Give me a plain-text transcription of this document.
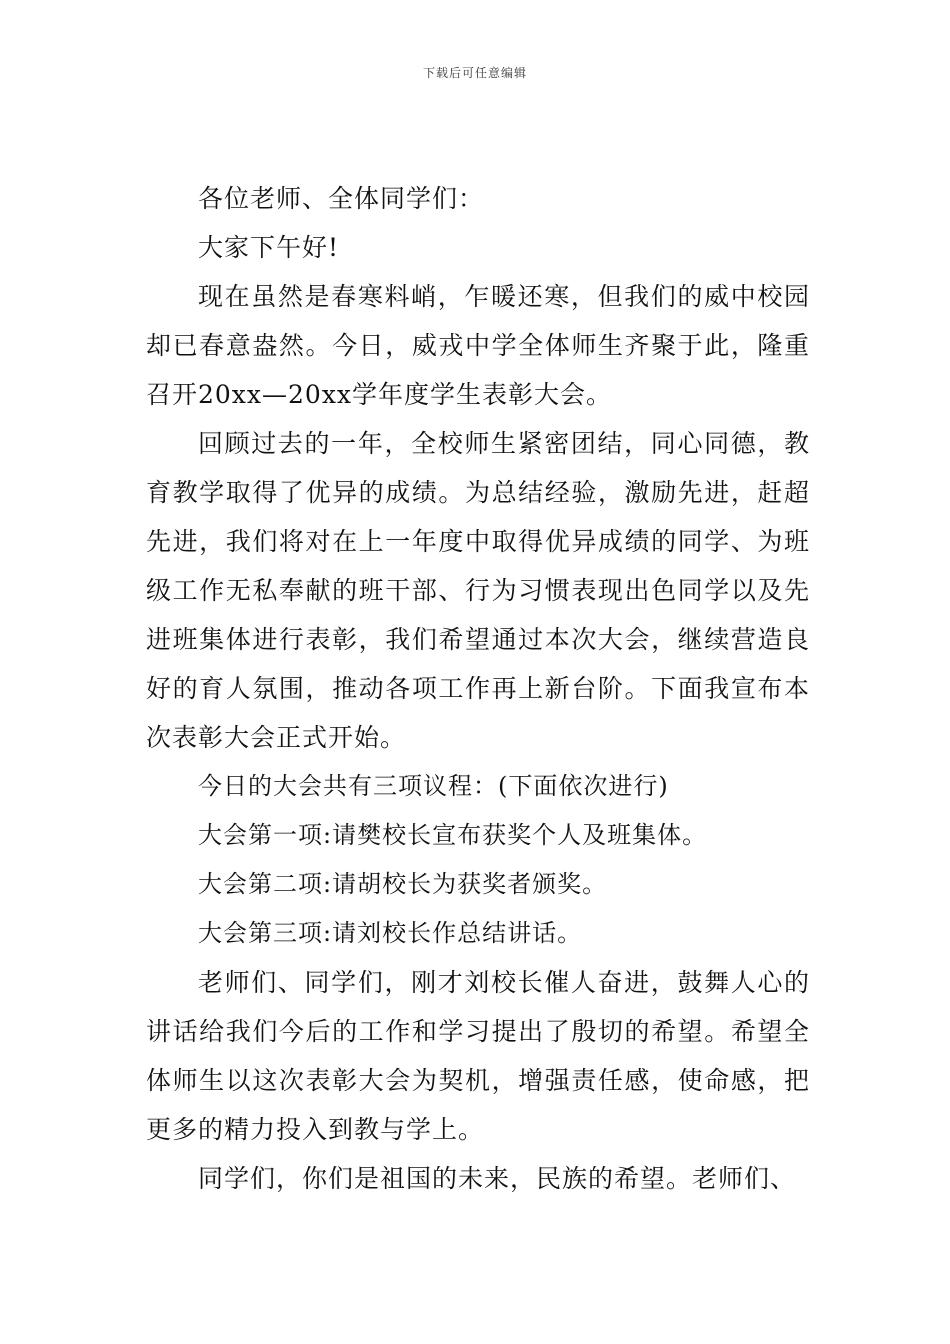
下载后可任意编辑

各位老师、全体同学们：

大家下午好!

现在虽然是春寒料峭，乍暖还寒，但我们的威中校园却已春意盎然。今日，威戎中学全体师生齐聚于此，隆重召开20xx—20xx学年度学生表彰大会。

回顾过去的一年，全校师生紧密团结，同心同德，教育教学取得了优异的成绩。为总结经验，激励先进，赶超先进，我们将对在上一年度中取得优异成绩的同学、为班级工作无私奉献的班干部、行为习惯表现出色同学以及先进班集体进行表彰，我们希望通过本次大会，继续营造良好的育人氛围，推动各项工作再上新台阶。下面我宣布本次表彰大会正式开始。

今日的大会共有三项议程：(下面依次进行)

大会第一项:请樊校长宣布获奖个人及班集体。

大会第二项:请胡校长为获奖者颁奖。

大会第三项:请刘校长作总结讲话。

老师们、同学们，刚才刘校长催人奋进，鼓舞人心的讲话给我们今后的工作和学习提出了殷切的希望。希望全体师生以这次表彰大会为契机，增强责任感，使命感，把更多的精力投入到教与学上。

同学们，你们是祖国的未来，民族的希望。老师们、
